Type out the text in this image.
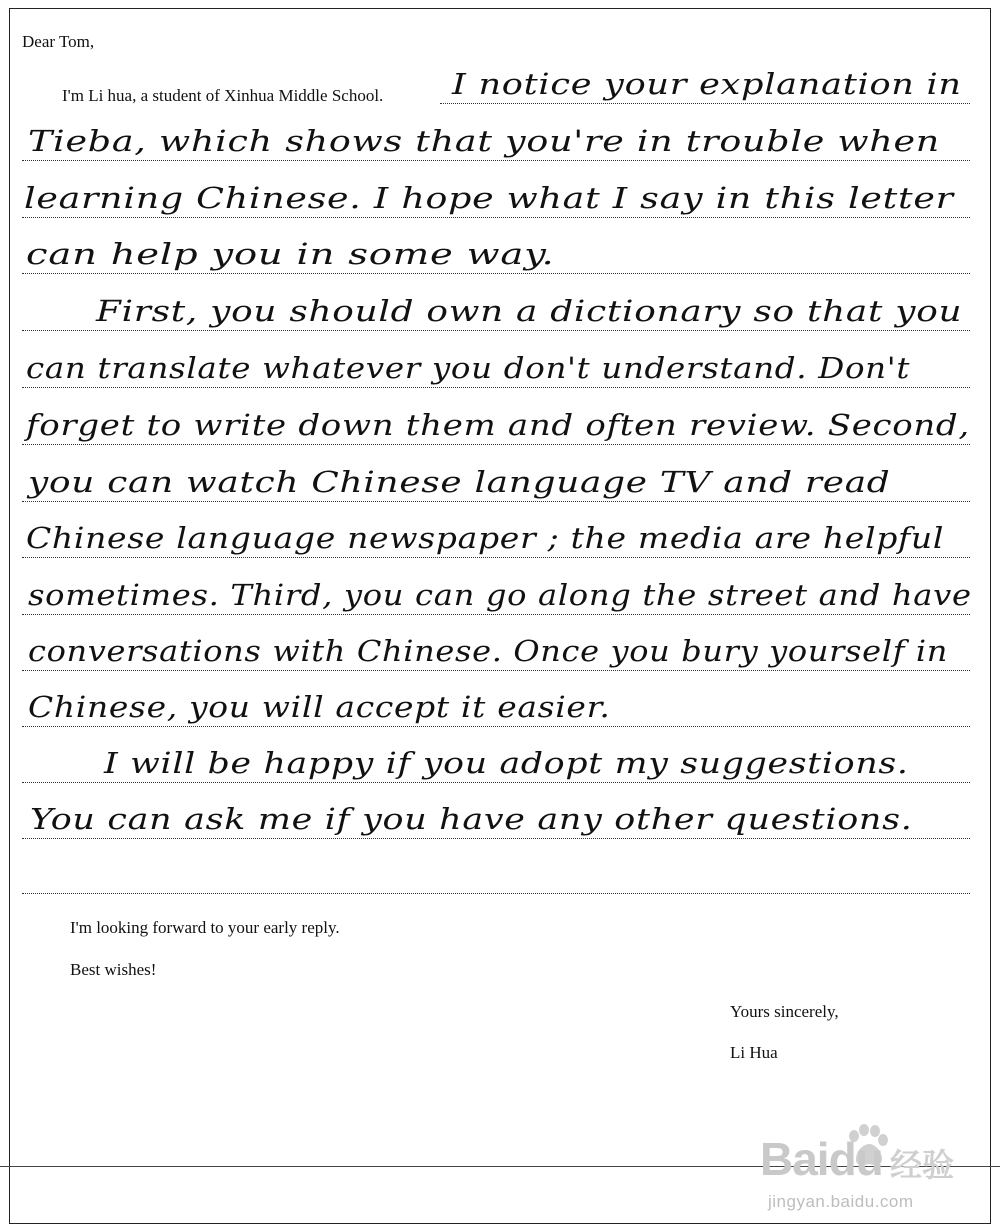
Dear Tom,
I'm Li hua, a student of Xinhua Middle School. I notice your explanation in
Tieba, which shows that you're in trouble when
learning Chinese. I hope what I say in this letter
can help you in some way.
First, you should own a dictionary so that you
can translate whatever you don't understand. Don't
forget to write down them and often review. Second,
you can watch Chinese language TV and read
Chinese language newspaper ; the media are helpful
sometimes. Third, you can go along the street and have
conversations with Chinese. Once you bury yourself in
Chinese, you will accept it easier.
I will be happy if you adopt my suggestions.
You can ask me if you have any other questions.
I'm looking forward to your early reply.
Best wishes!
Yours sincerely,
Li Hua
Baidu 经验
jingyan.baidu.com
